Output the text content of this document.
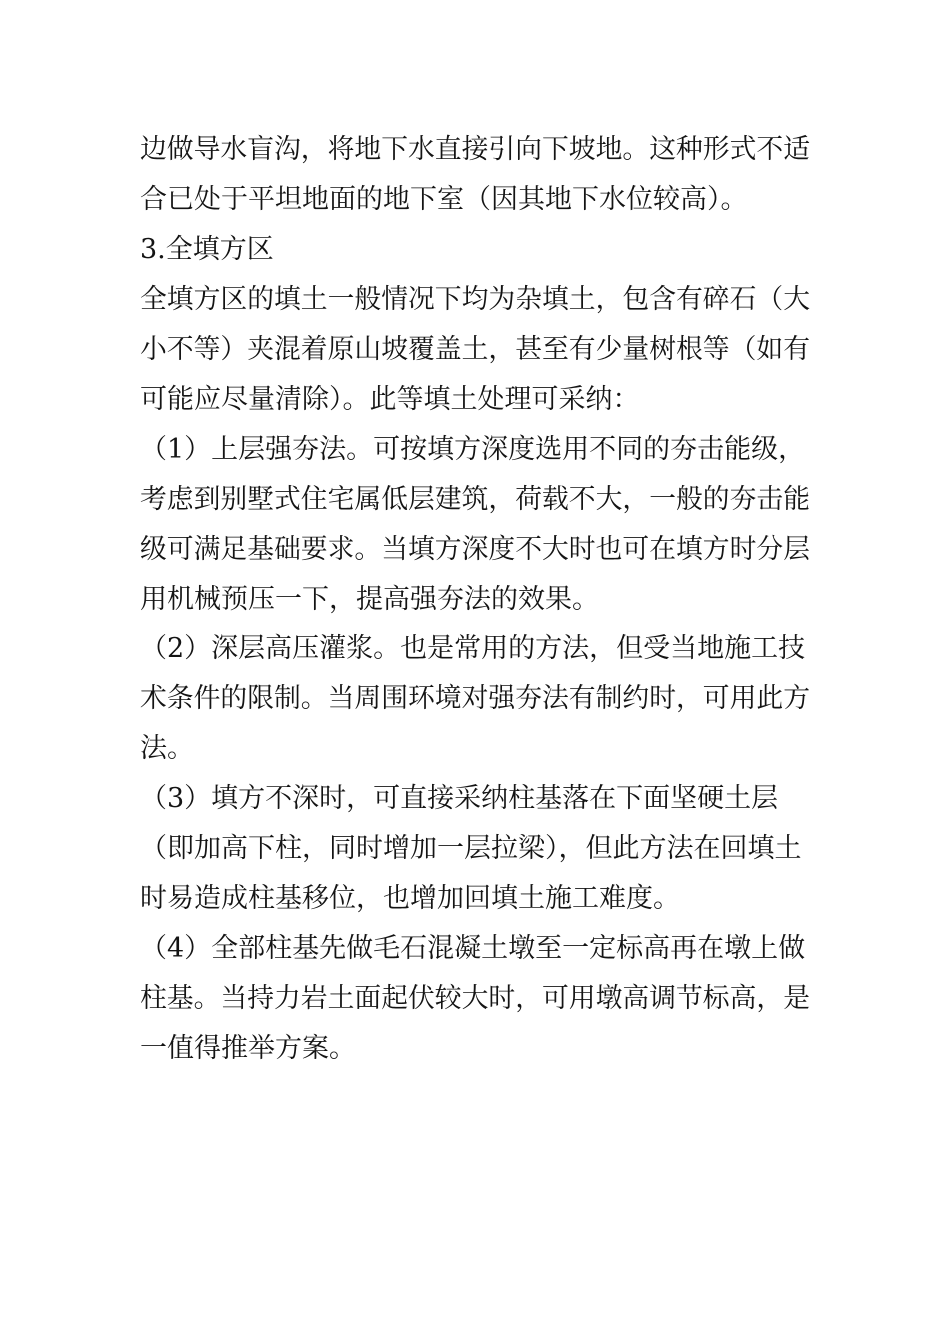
边做导水盲沟，将地下水直接引向下坡地。这种形式不适
合已处于平坦地面的地下室（因其地下水位较高）。
3.全填方区
全填方区的填土一般情况下均为杂填土，包含有碎石（大
小不等）夹混着原山坡覆盖土，甚至有少量树根等（如有
可能应尽量清除）。此等填土处理可采纳：
（1）上层强夯法。可按填方深度选用不同的夯击能级，
考虑到别墅式住宅属低层建筑，荷载不大，一般的夯击能
级可满足基础要求。当填方深度不大时也可在填方时分层
用机械预压一下，提高强夯法的效果。
（2）深层高压灌浆。也是常用的方法，但受当地施工技
术条件的限制。当周围环境对强夯法有制约时，可用此方
法。
（3）填方不深时，可直接采纳柱基落在下面坚硬土层
（即加高下柱，同时增加一层拉梁），但此方法在回填土
时易造成柱基移位，也增加回填土施工难度。
（4）全部柱基先做毛石混凝土墩至一定标高再在墩上做
柱基。当持力岩土面起伏较大时，可用墩高调节标高，是
一值得推举方案。
